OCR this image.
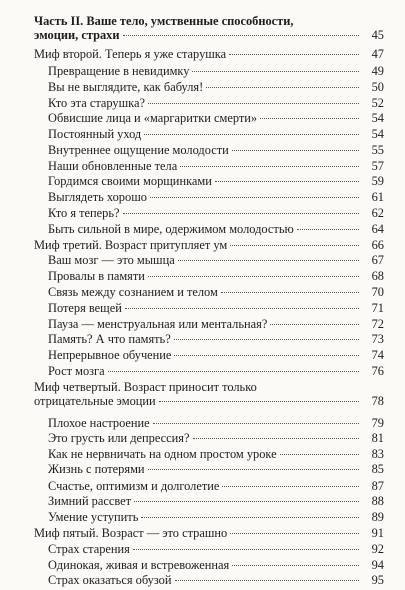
Часть II. Ваше тело, умственные способности,
эмоции, страхи	45
Миф второй. Теперь я уже старушка	47
Превращение в невидимку	49
Вы не выглядите, как бабуля!	50
Кто эта старушка?	52
Обвисшие лица и «маргаритки смерти»	54
Постоянный уход	54
Внутреннее ощущение молодости	55
Наши обновленные тела	57
Гордимся своими морщинками	59
Выглядеть хорошо	61
Кто я теперь?	62
Быть сильной в мире, одержимом молодостью	64
Миф третий. Возраст притупляет ум	66
Ваш мозг — это мышца	67
Провалы в памяти	68
Связь между сознанием и телом	70
Потеря вещей	71
Пауза — менструальная или ментальная?	72
Память? А что память?	73
Непрерывное обучение	74
Рост мозга	76
Миф четвертый. Возраст приносит только
отрицательные эмоции	78
Плохое настроение	79
Это грусть или депрессия?	81
Как не нервничать на одном простом уроке	83
Жизнь с потерями	85
Счастье, оптимизм и долголетие	87
Зимний рассвет	88
Умение уступить	89
Миф пятый. Возраст — это страшно	91
Страх старения	92
Одинокая, живая и встревоженная	94
Страх оказаться обузой	95
